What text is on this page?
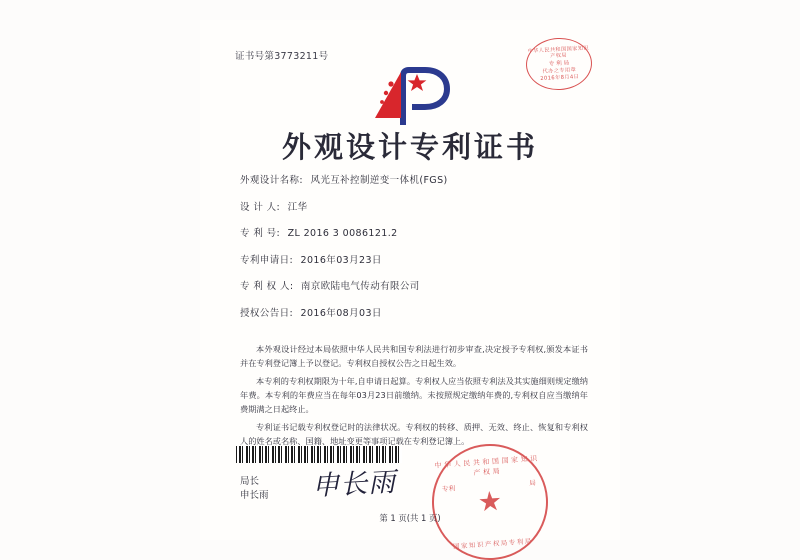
证书号第3773211号
中华人民共和国国家知识产权局
专 利 局
代办之专用章
2016年8月4日
外观设计专利证书
外观设计名称: 风光互补控制逆变一体机(FGS)
设 计 人: 江华
专 利 号: ZL 2016 3 0086121.2
专利申请日: 2016年03月23日
专 利 权 人: 南京欧陆电气传动有限公司
授权公告日: 2016年08月03日

本外观设计经过本局依照中华人民共和国专利法进行初步审查,决定授予专利权,颁发本证书并在专利登记簿上予以登记。专利权自授权公告之日起生效。

本专利的专利权期限为十年,自申请日起算。专利权人应当依照专利法及其实施细则规定缴纳年费。本专利的年费应当在每年03月23日前缴纳。未按照规定缴纳年费的,专利权自应当缴纳年费期满之日起终止。

专利证书记载专利权登记时的法律状况。专利权的转移、质押、无效、终止、恢复和专利权人的姓名或名称、国籍、地址变更等事项记载在专利登记簿上。

局长
申长雨 申长雨
中华人民共和国国家知识产权局
★
专利
局
国家知识产权局专利局
第 1 页(共 1 页)
